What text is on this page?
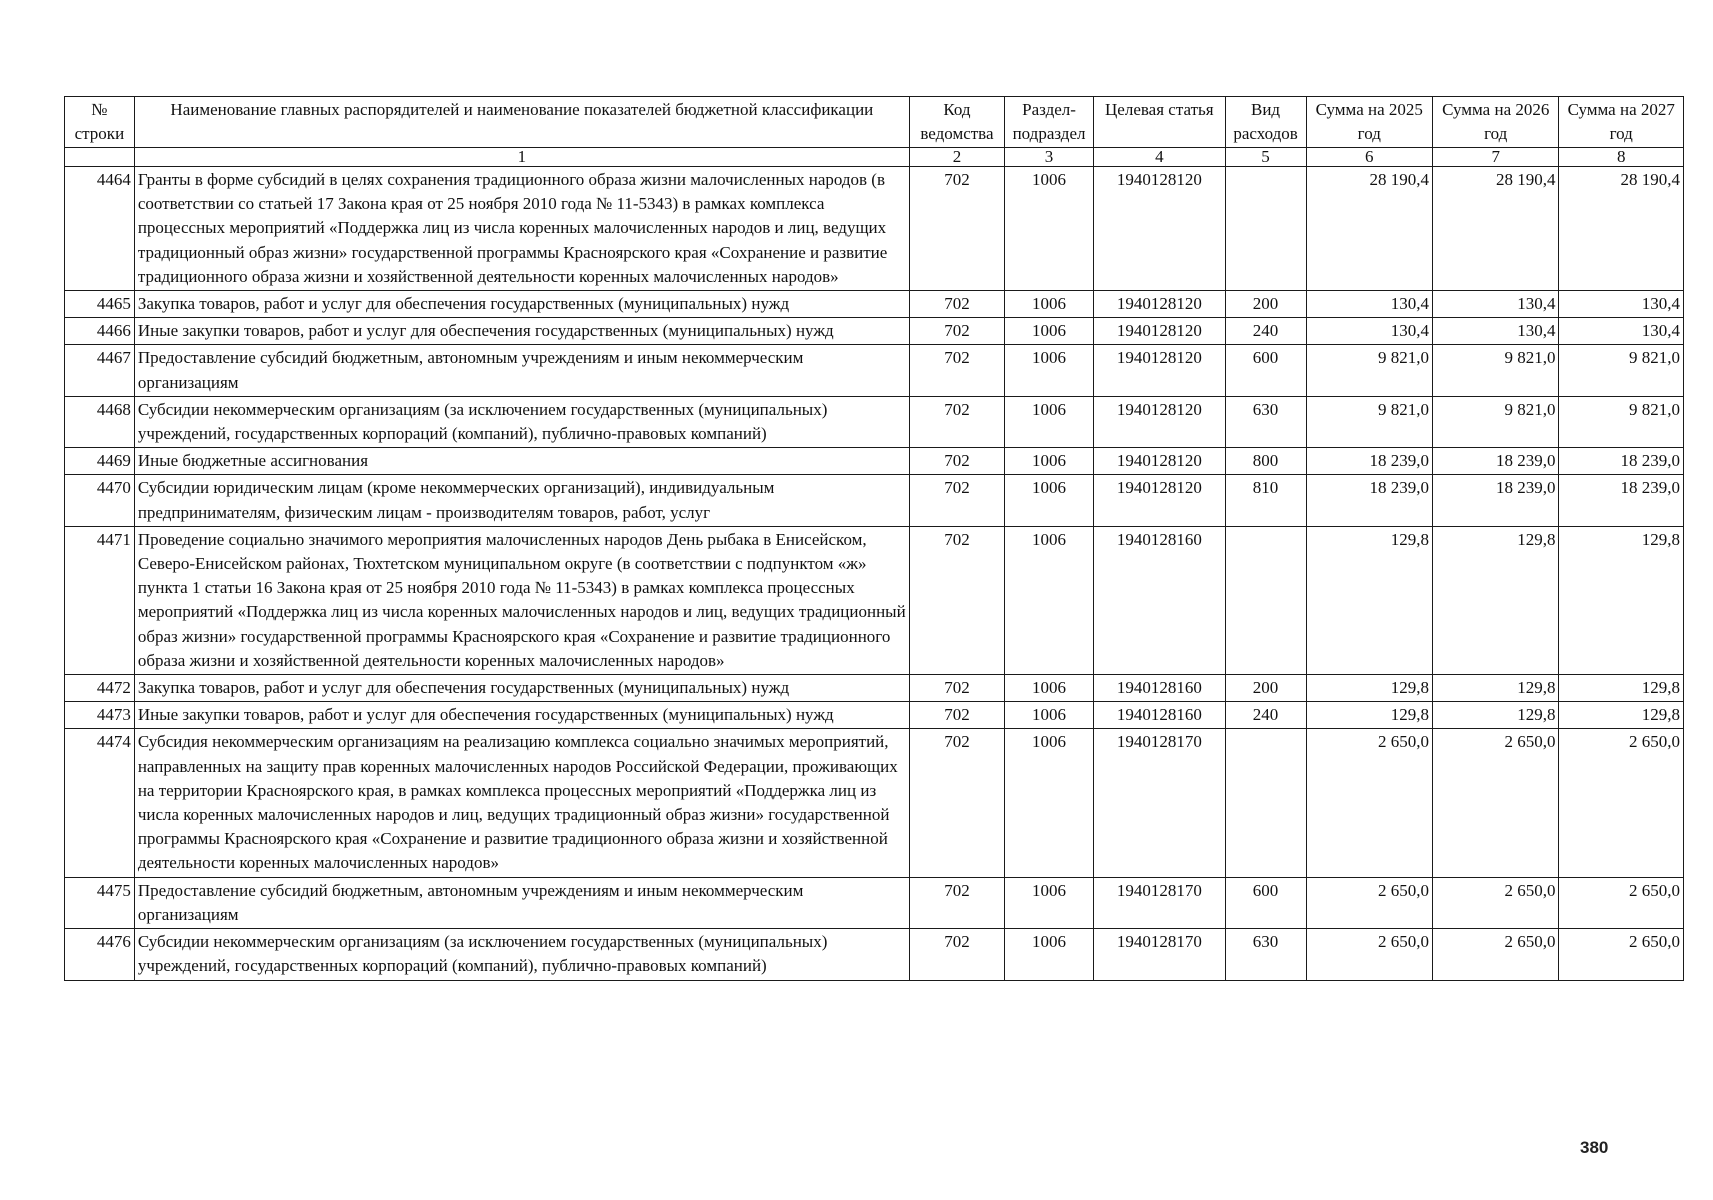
№ строки	Наименование главных распорядителей и наименование показателей бюджетной классификации	Код ведомства	Раздел-подраздел	Целевая статья	Вид расходов	Сумма на 2025 год	Сумма на 2026 год	Сумма на 2027 год
	1	2	3	4	5	6	7	8
4464	Гранты в форме субсидий в целях сохранения традиционного образа жизни малочисленных народов (в соответствии со статьей 17 Закона края от 25 ноября 2010 года № 11-5343) в рамках комплекса процессных мероприятий «Поддержка лиц из числа коренных малочисленных народов и лиц, ведущих традиционный образ жизни» государственной программы Красноярского края «Сохранение и развитие традиционного образа жизни и хозяйственной деятельности коренных малочисленных народов»	702	1006	1940128120		28 190,4	28 190,4	28 190,4
4465	Закупка товаров, работ и услуг для обеспечения государственных (муниципальных) нужд	702	1006	1940128120	200	130,4	130,4	130,4
4466	Иные закупки товаров, работ и услуг для обеспечения государственных (муниципальных) нужд	702	1006	1940128120	240	130,4	130,4	130,4
4467	Предоставление субсидий бюджетным, автономным учреждениям и иным некоммерческим организациям	702	1006	1940128120	600	9 821,0	9 821,0	9 821,0
4468	Субсидии некоммерческим организациям (за исключением государственных (муниципальных) учреждений, государственных корпораций (компаний), публично-правовых компаний)	702	1006	1940128120	630	9 821,0	9 821,0	9 821,0
4469	Иные бюджетные ассигнования	702	1006	1940128120	800	18 239,0	18 239,0	18 239,0
4470	Субсидии юридическим лицам (кроме некоммерческих организаций), индивидуальным предпринимателям, физическим лицам - производителям товаров, работ, услуг	702	1006	1940128120	810	18 239,0	18 239,0	18 239,0
4471	Проведение социально значимого мероприятия малочисленных народов День рыбака в Енисейском, Северо-Енисейском районах, Тюхтетском муниципальном округе (в соответствии с подпунктом «ж» пункта 1 статьи 16 Закона края от 25 ноября 2010 года № 11-5343) в рамках комплекса процессных мероприятий «Поддержка лиц из числа коренных малочисленных народов и лиц, ведущих традиционный образ жизни» государственной программы Красноярского края «Сохранение и развитие традиционного образа жизни и хозяйственной деятельности коренных малочисленных народов»	702	1006	1940128160		129,8	129,8	129,8
4472	Закупка товаров, работ и услуг для обеспечения государственных (муниципальных) нужд	702	1006	1940128160	200	129,8	129,8	129,8
4473	Иные закупки товаров, работ и услуг для обеспечения государственных (муниципальных) нужд	702	1006	1940128160	240	129,8	129,8	129,8
4474	Субсидия некоммерческим организациям на реализацию комплекса социально значимых мероприятий, направленных на защиту прав коренных малочисленных народов Российской Федерации, проживающих на территории Красноярского края, в рамках комплекса процессных мероприятий «Поддержка лиц из числа коренных малочисленных народов и лиц, ведущих традиционный образ жизни» государственной программы Красноярского края «Сохранение и развитие традиционного образа жизни и хозяйственной деятельности коренных малочисленных народов»	702	1006	1940128170		2 650,0	2 650,0	2 650,0
4475	Предоставление субсидий бюджетным, автономным учреждениям и иным некоммерческим организациям	702	1006	1940128170	600	2 650,0	2 650,0	2 650,0
4476	Субсидии некоммерческим организациям (за исключением государственных (муниципальных) учреждений, государственных корпораций (компаний), публично-правовых компаний)	702	1006	1940128170	630	2 650,0	2 650,0	2 650,0
380
